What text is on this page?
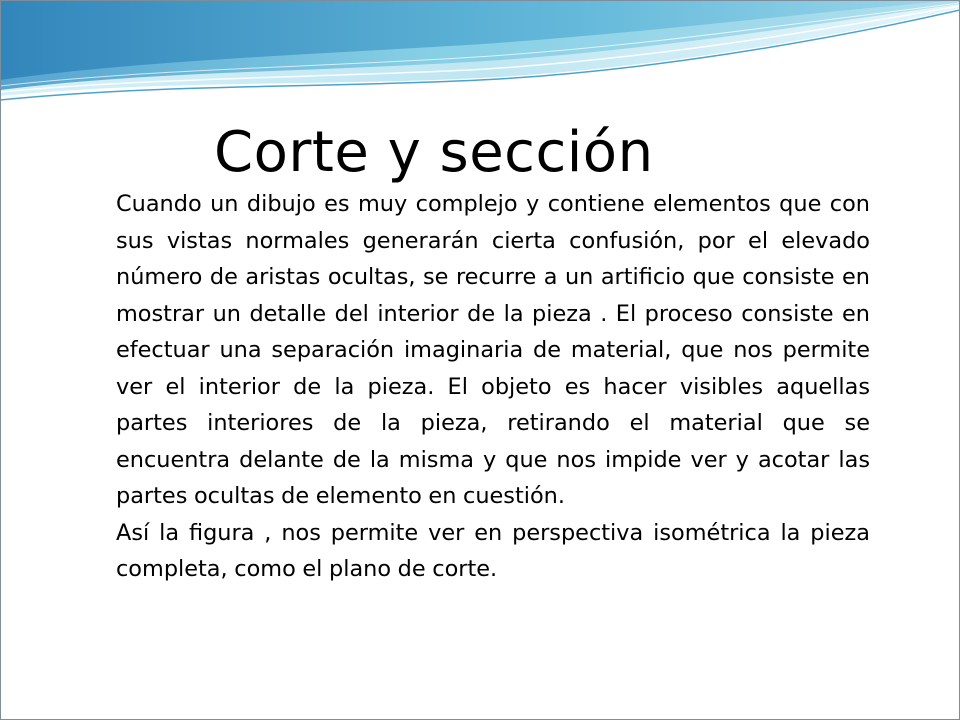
Corte y sección

Cuando un dibujo es muy complejo y contiene elementos que con sus vistas normales generarán cierta confusión, por el elevado número de aristas ocultas, se recurre a un artificio que consiste en mostrar un detalle del interior de la pieza . El proceso consiste en efectuar una separación imaginaria de material, que nos permite ver el interior de la pieza. El objeto es hacer visibles aquellas partes interiores de la pieza, retirando el material que se encuentra delante de la misma y que nos impide ver y acotar las partes ocultas de elemento en cuestión.

Así la figura , nos permite ver en perspectiva isométrica la pieza completa, como el plano de corte.
